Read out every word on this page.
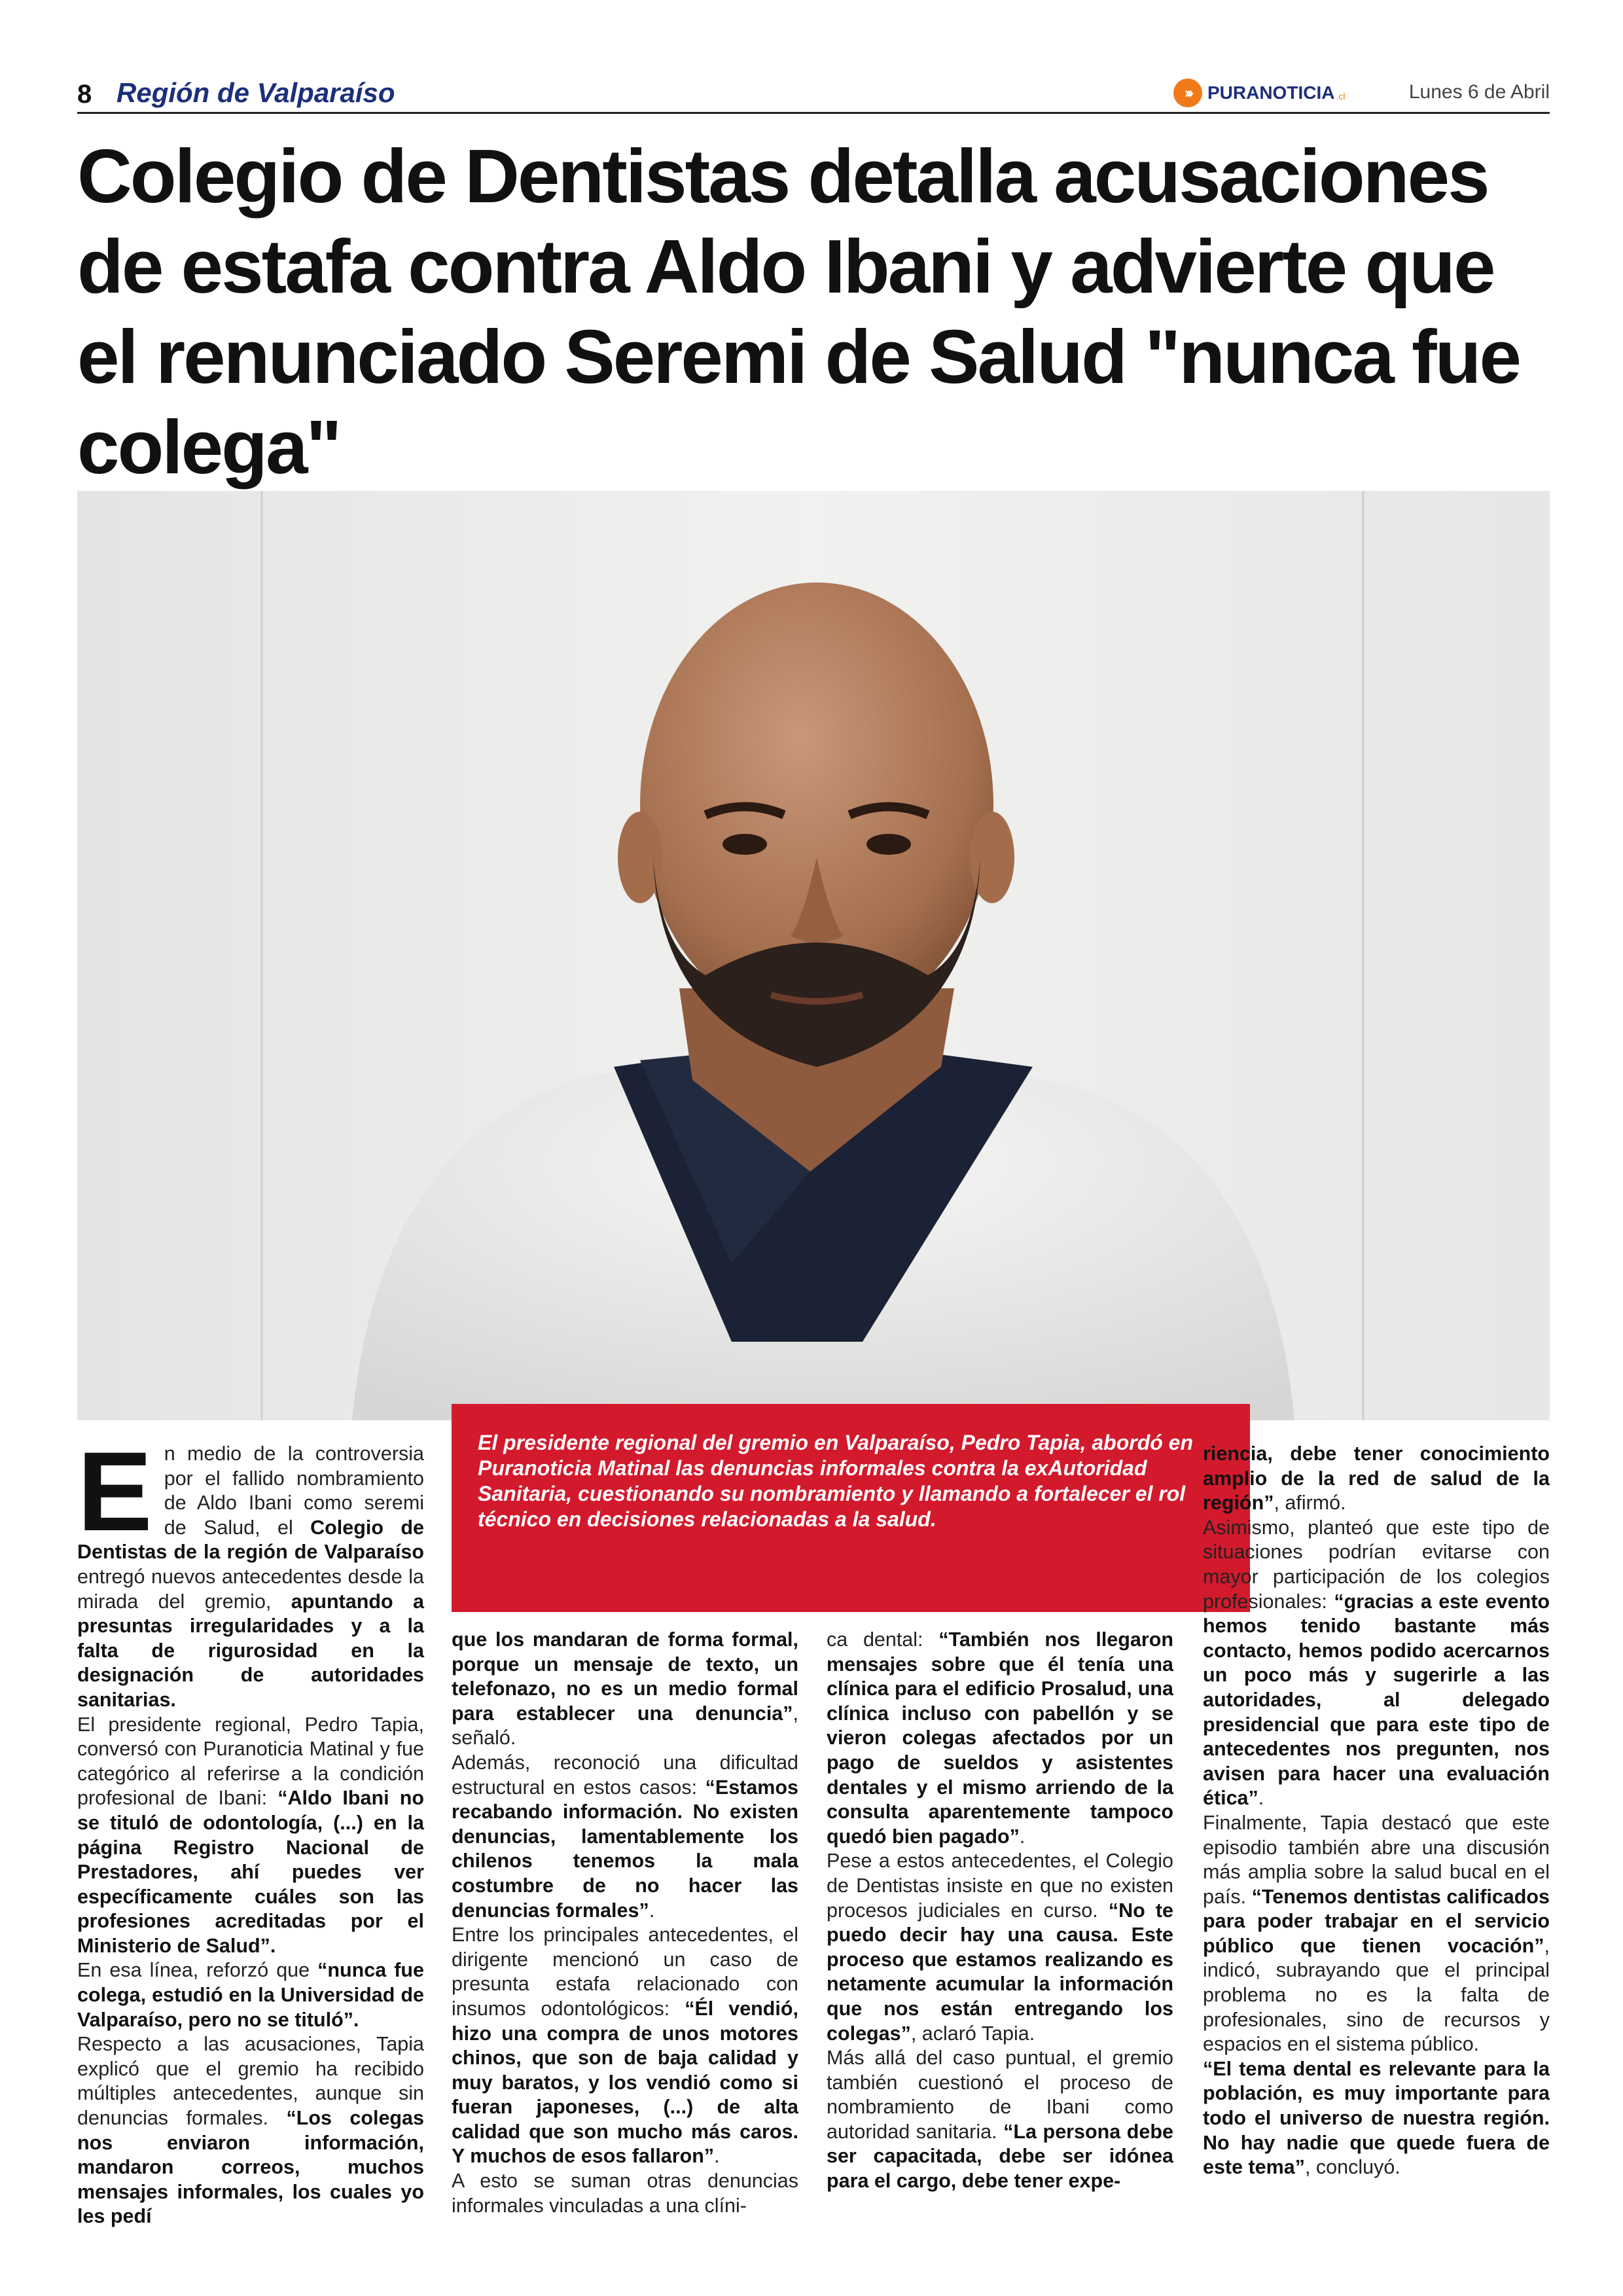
8 Región de Valparaíso	››› PURANOTICIA .cl	Lunes 6 de Abril
Colegio de Dentistas detalla acusaciones de estafa contra Aldo Ibani y advierte que el renunciado Seremi de Salud "nunca fue colega"
E n medio de la controversia por el fallido nombramiento de Aldo Ibani como seremi de Salud, el Colegio de Dentistas de la región de Valparaíso entregó nuevos antecedentes desde la mirada del gremio, apuntando a presuntas irregularidades y a la falta de rigurosidad en la designación de autoridades sanitarias.

El presidente regional, Pedro Tapia, conversó con Puranoticia Matinal y fue categórico al referirse a la condición profesional de Ibani: “Aldo Ibani no se tituló de odontología, (...) en la página Registro Nacional de Prestadores, ahí puedes ver específicamente cuáles son las profesiones acreditadas por el Ministerio de Salud”.

En esa línea, reforzó que “nunca fue colega, estudió en la Universidad de Valparaíso, pero no se tituló”.

Respecto a las acusaciones, Tapia explicó que el gremio ha recibido múltiples antecedentes, aunque sin denuncias formales. “Los colegas nos enviaron información, mandaron correos, muchos mensajes informales, los cuales yo les pedí

El presidente regional del gremio en Valparaíso, Pedro Tapia, abordó en Puranoticia Matinal las denuncias informales contra la exAutoridad Sanitaria, cuestionando su nombramiento y llamando a fortalecer el rol técnico en decisiones relacionadas a la salud.

que los mandaran de forma formal, porque un mensaje de texto, un telefonazo, no es un medio formal para establecer una denuncia”, señaló.

Además, reconoció una dificultad estructural en estos casos: “Estamos recabando información. No existen denuncias, lamentablemente los chilenos tenemos la mala costumbre de no hacer las denuncias formales”.

Entre los principales antecedentes, el dirigente mencionó un caso de presunta estafa relacionado con insumos odontológicos: “Él vendió, hizo una compra de unos motores chinos, que son de baja calidad y muy baratos, y los vendió como si fueran japoneses, (...) de alta calidad que son mucho más caros. Y muchos de esos fallaron”.

A esto se suman otras denuncias informales vinculadas a una clíni-

ca dental: “También nos llegaron mensajes sobre que él tenía una clínica para el edificio Prosalud, una clínica incluso con pabellón y se vieron colegas afectados por un pago de sueldos y asistentes dentales y el mismo arriendo de la consulta aparentemente tampoco quedó bien pagado”.

Pese a estos antecedentes, el Colegio de Dentistas insiste en que no existen procesos judiciales en curso. “No te puedo decir hay una causa. Este proceso que estamos realizando es netamente acumular la información que nos están entregando los colegas”, aclaró Tapia.

Más allá del caso puntual, el gremio también cuestionó el proceso de nombramiento de Ibani como autoridad sanitaria. “La persona debe ser capacitada, debe ser idónea para el cargo, debe tener expe-

riencia, debe tener conocimiento amplio de la red de salud de la región”, afirmó.

Asimismo, planteó que este tipo de situaciones podrían evitarse con mayor participación de los colegios profesionales: “gracias a este evento hemos tenido bastante más contacto, hemos podido acercarnos un poco más y sugerirle a las autoridades, al delegado presidencial que para este tipo de antecedentes nos pregunten, nos avisen para hacer una evaluación ética”.

Finalmente, Tapia destacó que este episodio también abre una discusión más amplia sobre la salud bucal en el país. “Tenemos dentistas calificados para poder trabajar en el servicio público que tienen vocación”, indicó, subrayando que el principal problema no es la falta de profesionales, sino de recursos y espacios en el sistema público.

“El tema dental es relevante para la población, es muy importante para todo el universo de nuestra región. No hay nadie que quede fuera de este tema”, concluyó.
